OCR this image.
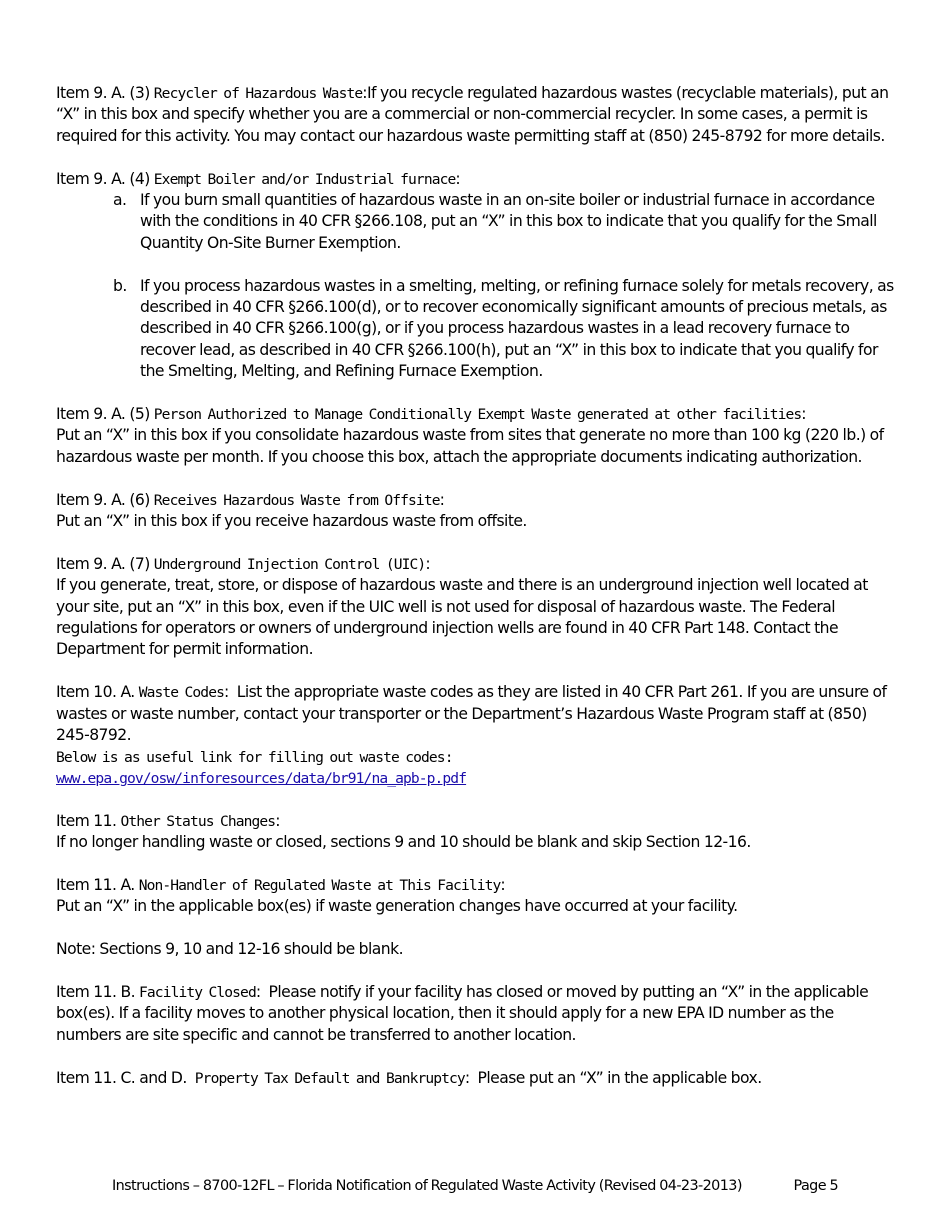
Item 9. A. (3) Recycler of Hazardous Waste:If you recycle regulated hazardous wastes (recyclable materials), put an “X” in this box and specify whether you are a commercial or non-commercial recycler. In some cases, a permit is required for this activity. You may contact our hazardous waste permitting staff at (850) 245-8792 for more details.

Item 9. A. (4) Exempt Boiler and/or Industrial furnace:

a. If you burn small quantities of hazardous waste in an on-site boiler or industrial furnace in accordance with the conditions in 40 CFR §266.108, put an “X” in this box to indicate that you qualify for the Small Quantity On-Site Burner Exemption.
b. If you process hazardous wastes in a smelting, melting, or refining furnace solely for metals recovery, as described in 40 CFR §266.100(d), or to recover economically significant amounts of precious metals, as described in 40 CFR §266.100(g), or if you process hazardous wastes in a lead recovery furnace to recover lead, as described in 40 CFR §266.100(h), put an “X” in this box to indicate that you qualify for the Smelting, Melting, and Refining Furnace Exemption.

Item 9. A. (5) Person Authorized to Manage Conditionally Exempt Waste generated at other facilities:

Put an “X” in this box if you consolidate hazardous waste from sites that generate no more than 100 kg (220 lb.) of hazardous waste per month. If you choose this box, attach the appropriate documents indicating authorization.

Item 9. A. (6) Receives Hazardous Waste from Offsite:

Put an “X” in this box if you receive hazardous waste from offsite.

Item 9. A. (7) Underground Injection Control (UIC):

If you generate, treat, store, or dispose of hazardous waste and there is an underground injection well located at your site, put an “X” in this box, even if the UIC well is not used for disposal of hazardous waste. The Federal regulations for operators or owners of underground injection wells are found in 40 CFR Part 148. Contact the Department for permit information.

Item 10. A. Waste Codes:  List the appropriate waste codes as they are listed in 40 CFR Part 261. If you are unsure of wastes or waste number, contact your transporter or the Department’s Hazardous Waste Program staff at (850) 245-8792.

Below is as useful link for filling out waste codes:

www.epa.gov/osw/inforesources/data/br91/na_apb-p.pdf

Item 11. Other Status Changes:

If no longer handling waste or closed, sections 9 and 10 should be blank and skip Section 12-16.

Item 11. A. Non-Handler of Regulated Waste at This Facility:

Put an “X” in the applicable box(es) if waste generation changes have occurred at your facility.

Note: Sections 9, 10 and 12-16 should be blank.

Item 11. B. Facility Closed:  Please notify if your facility has closed or moved by putting an “X” in the applicable box(es). If a facility moves to another physical location, then it should apply for a new EPA ID number as the numbers are site specific and cannot be transferred to another location.

Item 11. C. and D.  Property Tax Default and Bankruptcy:  Please put an “X” in the applicable box.

Instructions – 8700-12FL – Florida Notification of Regulated Waste Activity (Revised 04-23-2013)	Page 5
